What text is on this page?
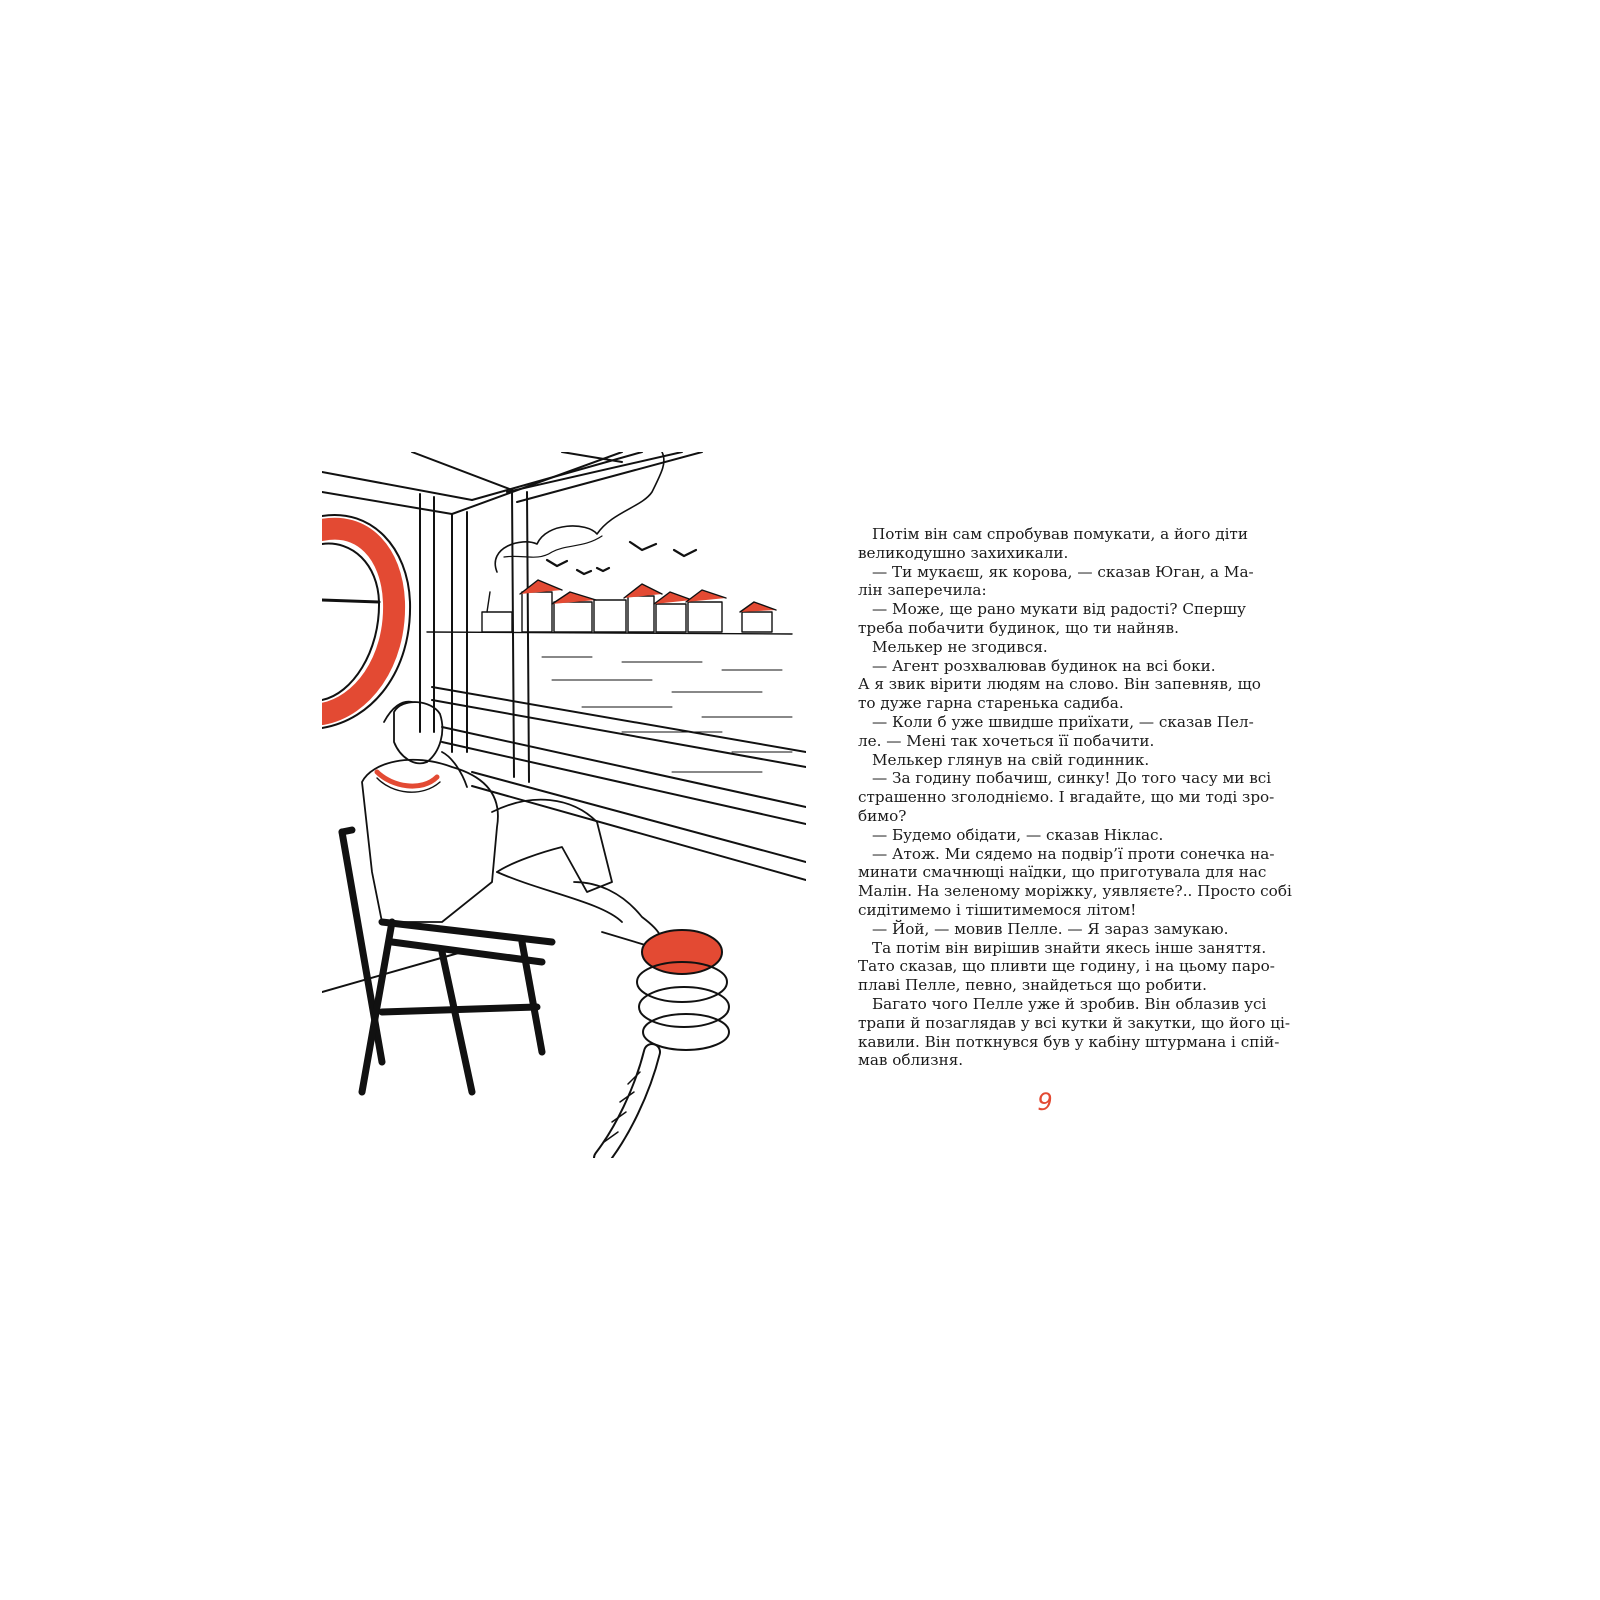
Потім він сам спробував помукати, а його діти
великодушно захихикали.
— Ти мукаєш, як корова, — сказав Юган, а Ма-
лін заперечила:
— Може, ще рано мукати від радості? Спершу
треба побачити будинок, що ти найняв.
Мелькер не згодився.
— Агент розхвалював будинок на всі боки.
А я звик вірити людям на слово. Він запевняв, що
то дуже гарна старенька садиба.
— Коли б уже швидше приїхати, — сказав Пел-
ле. — Мені так хочеться її побачити.
Мелькер глянув на свій годинник.
— За годину побачиш, синку! До того часу ми всі
страшенно зголодніємо. І вгадайте, що ми тоді зро-
бимо?
— Будемо обідати, — сказав Ніклас.
— Атож. Ми сядемо на подвір’ї проти сонечка на-
минати смачнющі наїдки, що приготувала для нас
Малін. На зеленому моріжку, уявляєте?.. Просто собі
сидітимемо і тішитимемося літом!
— Йой, — мовив Пелле. — Я зараз замукаю.
Та потім він вирішив знайти якесь інше заняття.
Тато сказав, що пливти ще годину, і на цьому паро-
плаві Пелле, певно, знайдеться що робити.
Багато чого Пелле уже й зробив. Він облазив усі
трапи й позаглядав у всі кутки й закутки, що його ці-
кавили. Він поткнувся був у кабіну штурмана і спій-
мав облизня.
9
